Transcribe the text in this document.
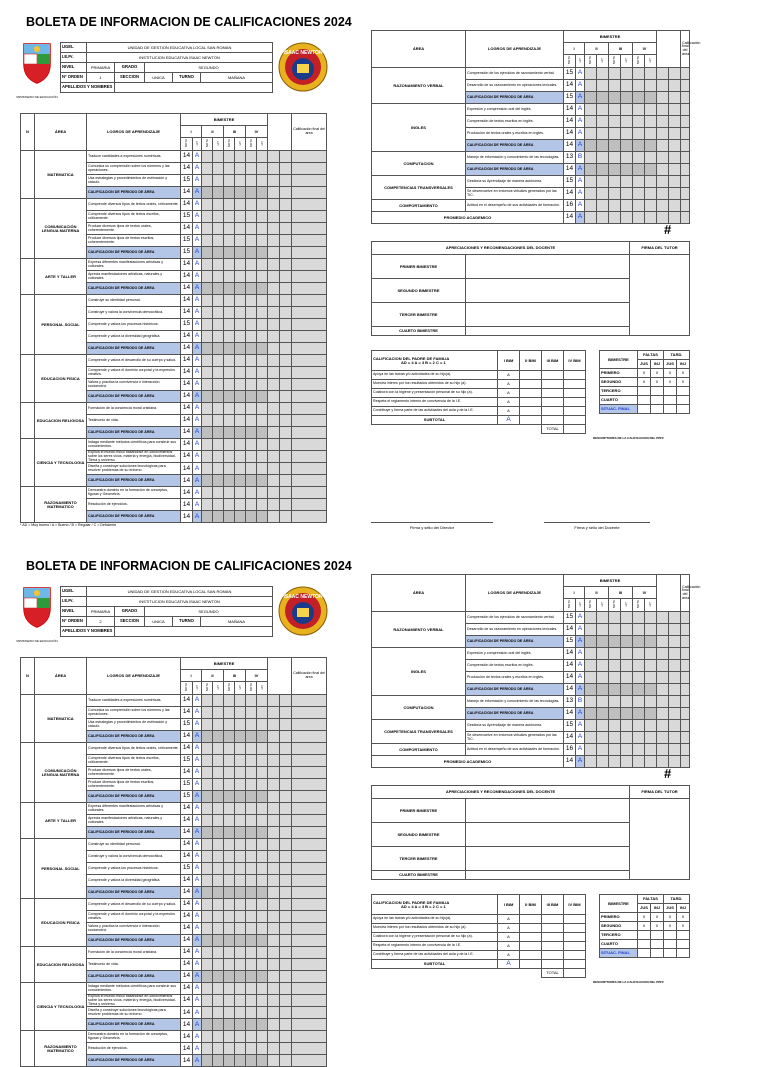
BOLETA DE INFORMACION DE CALIFICACIONES 2024
MINISTERIO DE EDUCACIÓN
ISAAC NEWTON
UGEL	UNIDAD DE GESTION EDUCATIVA LOCAL SAN ROMAN				
I.E.Pr.	INSTITUCION EDUCATIVA ISAAC NEWTON				
NIVEL	PRIMARIA	GRADO	SEGUNDO		
Nº ORDEN	1	SECCION	UNICA	TURNO	MAÑANA
APELLIDOS Y NOMBRES					
N	ÁREA	LOGROS DE APRENDIZAJE	BIMESTRE										Calificación final del área
			I		II		III		IV				
			NOTA	LIT	NOTA	LIT	NOTA	LIT	NOTA	LIT			
	MATEMATICA	Traduce cantidades a expresiones numéricas.	14	A									
		Comunica su comprensión sobre los números y las operaciones.	14	A									
		Usa estrategias y procedimientos de estimación y cálculo.	15	A									
		CALIFICACION DE PERIODO DE ÁREA	14	A									
	COMUNICACIÓN LENGUA MATERNA	Comprende diversos tipos de textos orales, críticamente.	14	A									
		Comprende diversos tipos de textos escritos, críticamente.	15	A									
		Produce diversos tipos de textos orales, coherentemente.	14	A									
		Produce diversos tipos de textos escritos, coherentemente.	15	A									
		CALIFICACION DE PERIODO DE ÁREA	15	A									
	ARTE Y TALLER	Expresa diferentes manifestaciones artísticas y culturales.	14	A									
		Aprecia manifestaciones artísticas, naturales y culturales.	14	A									
		CALIFICACION DE PERIODO DE ÁREA	14	A									
	PERSONAL SOCIAL	Construye su identidad personal.	14	A									
		Construye y valora la convivencia democrática.	14	A									
		Comprende y valora los procesos históricos.	15	A									
		Comprende y valora la diversidad geográfica.	14	A									
		CALIFICACION DE PERIODO DE ÁREA	14	A									
	EDUCACION FISICA	Comprende y valora el desarrollo de su cuerpo y salud.	14	A									
		Comprende y valora el dominio corporal y la expresión creativa.	14	A									
		Valora y practica la convivencia e interacción sociomotriz.	14	A									
		CALIFICACION DE PERIODO DE ÁREA	14	A									
	EDUCACION RELIGIOSA	Formación de la conciencia moral cristiana.	14	A									
		Testimonio de vida.	14	A									
		CALIFICACION DE PERIODO DE ÁREA	14	A									
	CIENCIA Y TECNOLOGIA	Indaga mediante métodos científicos para construir sus conocimientos.	14	A									
		Explica el mundo físico basándose en conocimientos sobre los seres vivos, materia y energía, biodiversidad, Tierra y universo.	14	A									
		Diseña y construye soluciones tecnológicas para resolver problemas de su entorno.	14	A									
		CALIFICACION DE PERIODO DE ÁREA	14	A									
	RAZONAMIENTO MATEMATICO	Demuestra dominio en la formación de conceptos, figuras y Geometría.	14	A									
		Resolución de ejercicios.	14	A									
		CALIFICACION DE PERIODO DE ÁREA	14	A									
* AD = Muy bueno / A = Bueno / B = Regular / C = Deficiente
ÁREA	LOGROS DE APRENDIZAJE	BIMESTRE										Calificación final del área
		I		II		III		IV				
		NOTA	LIT	NOTA	LIT	NOTA	LIT	NOTA	LIT			
RAZONAMIENTO VERBAL	Comprensión de los ejercicios de razonamiento verbal.	15	A									
	Desarrollo de su razonamiento en operaciones lexicales.	14	A									
	CALIFICACION DE PERIODO DE ÁREA	15	A									
INGLES	Expresión y comprensión oral del inglés.	14	A									
	Comprensión de textos escritos en inglés.	14	A									
	Producción de textos orales y escritos en inglés.	14	A									
	CALIFICACION DE PERIODO DE ÁREA	14	A									
COMPUTACION	Manejo de información y conocimiento de las tecnologías.	13	B									
	CALIFICACION DE PERIODO DE ÁREA	14	A									
COMPETENCIAS TRANSVERSALES	Gestiona su Aprendizaje de manera autónoma.	15	A									
	Se desenvuelve en entornos virtuales generados por las TIC.	14	A									
COMPORTAMIENTO	Actitud en el desempeño de sus actividades de formación.	16	A									
PROMEDIO ACADEMICO		14	A									
#
APRECIACIONES Y RECOMENDACIONES DEL DOCENTE		FIRMA DEL TUTOR
PRIMER BIMESTRE		
SEGUNDO BIMESTRE		
TERCER BIMESTRE		
CUARTO BIMESTRE		
CALIFICACION DEL PADRE DE FAMILIA
AD = 4 A = 3 B = 2 C = 1	I BIM	II BIM	III BIM	IV BIM
Apoya en las tareas y/o actividades de su hijo(a).	A			
Muestra interes por los resultados obtenidos de su hijo (a).	A			
Colabora con la higiene y presentación personal de su hijo (a).	A			
Respeta el reglamento interno de convivencia de la I.E.	A			
Contribuye y forma parte de las actividades del aula y de la I.E.	A			
SUBTOTAL	A			
			TOTAL	
BIMESTRE	FALTAS		TARD.	
	JUS	INJ	JUS	INJ
PRIMERO	0	0	0	0
SEGUNDO	0	0	0	0
TERCERO				
CUARTO				
SITUAC. FINAL				
DESCRIPTORES DE LA CALIFICACION DEL PPFF
Firma y sello del Director	Firma y sello del Docente
BOLETA DE INFORMACION DE CALIFICACIONES 2024
MINISTERIO DE EDUCACIÓN
ISAAC NEWTON
UGEL	UNIDAD DE GESTION EDUCATIVA LOCAL SAN ROMAN				
I.E.Pr.	INSTITUCION EDUCATIVA ISAAC NEWTON				
NIVEL	PRIMARIA	GRADO	SEGUNDO		
Nº ORDEN	2	SECCION	UNICA	TURNO	MAÑANA
APELLIDOS Y NOMBRES					
N	ÁREA	LOGROS DE APRENDIZAJE	BIMESTRE										Calificación final del área
			I		II		III		IV				
			NOTA	LIT	NOTA	LIT	NOTA	LIT	NOTA	LIT			
	MATEMATICA	Traduce cantidades a expresiones numéricas.	14	A									
		Comunica su comprensión sobre los números y las operaciones.	14	A									
		Usa estrategias y procedimientos de estimación y cálculo.	15	A									
		CALIFICACION DE PERIODO DE ÁREA	14	A									
	COMUNICACIÓN LENGUA MATERNA	Comprende diversos tipos de textos orales, críticamente.	14	A									
		Comprende diversos tipos de textos escritos, críticamente.	15	A									
		Produce diversos tipos de textos orales, coherentemente.	14	A									
		Produce diversos tipos de textos escritos, coherentemente.	15	A									
		CALIFICACION DE PERIODO DE ÁREA	15	A									
	ARTE Y TALLER	Expresa diferentes manifestaciones artísticas y culturales.	14	A									
		Aprecia manifestaciones artísticas, naturales y culturales.	14	A									
		CALIFICACION DE PERIODO DE ÁREA	14	A									
	PERSONAL SOCIAL	Construye su identidad personal.	14	A									
		Construye y valora la convivencia democrática.	14	A									
		Comprende y valora los procesos históricos.	15	A									
		Comprende y valora la diversidad geográfica.	14	A									
		CALIFICACION DE PERIODO DE ÁREA	14	A									
	EDUCACION FISICA	Comprende y valora el desarrollo de su cuerpo y salud.	14	A									
		Comprende y valora el dominio corporal y la expresión creativa.	14	A									
		Valora y practica la convivencia e interacción sociomotriz.	14	A									
		CALIFICACION DE PERIODO DE ÁREA	14	A									
	EDUCACION RELIGIOSA	Formación de la conciencia moral cristiana.	14	A									
		Testimonio de vida.	14	A									
		CALIFICACION DE PERIODO DE ÁREA	14	A									
	CIENCIA Y TECNOLOGIA	Indaga mediante métodos científicos para construir sus conocimientos.	14	A									
		Explica el mundo físico basándose en conocimientos sobre los seres vivos, materia y energía, biodiversidad, Tierra y universo.	14	A									
		Diseña y construye soluciones tecnológicas para resolver problemas de su entorno.	14	A									
		CALIFICACION DE PERIODO DE ÁREA	14	A									
	RAZONAMIENTO MATEMATICO	Demuestra dominio en la formación de conceptos, figuras y Geometría.	14	A									
		Resolución de ejercicios.	14	A									
		CALIFICACION DE PERIODO DE ÁREA	14	A									
ÁREA	LOGROS DE APRENDIZAJE	BIMESTRE										Calificación final del área
		I		II		III		IV				
		NOTA	LIT	NOTA	LIT	NOTA	LIT	NOTA	LIT			
RAZONAMIENTO VERBAL	Comprensión de los ejercicios de razonamiento verbal.	15	A									
	Desarrollo de su razonamiento en operaciones lexicales.	14	A									
	CALIFICACION DE PERIODO DE ÁREA	15	A									
INGLES	Expresión y comprensión oral del inglés.	14	A									
	Comprensión de textos escritos en inglés.	14	A									
	Producción de textos orales y escritos en inglés.	14	A									
	CALIFICACION DE PERIODO DE ÁREA	14	A									
COMPUTACION	Manejo de información y conocimiento de las tecnologías.	13	B									
	CALIFICACION DE PERIODO DE ÁREA	14	A									
COMPETENCIAS TRANSVERSALES	Gestiona su Aprendizaje de manera autónoma.	15	A									
	Se desenvuelve en entornos virtuales generados por las TIC.	14	A									
COMPORTAMIENTO	Actitud en el desempeño de sus actividades de formación.	16	A									
PROMEDIO ACADEMICO		14	A									
#
APRECIACIONES Y RECOMENDACIONES DEL DOCENTE		FIRMA DEL TUTOR
PRIMER BIMESTRE		
SEGUNDO BIMESTRE		
TERCER BIMESTRE		
CUARTO BIMESTRE		
CALIFICACION DEL PADRE DE FAMILIA
AD = 4 A = 3 B = 2 C = 1	I BIM	II BIM	III BIM	IV BIM
Apoya en las tareas y/o actividades de su hijo(a).	A			
Muestra interes por los resultados obtenidos de su hijo (a).	A			
Colabora con la higiene y presentación personal de su hijo (a).	A			
Respeta el reglamento interno de convivencia de la I.E.	A			
Contribuye y forma parte de las actividades del aula y de la I.E.	A			
SUBTOTAL	A			
			TOTAL	
BIMESTRE	FALTAS		TARD.	
	JUS	INJ	JUS	INJ
PRIMERO	0	0	0	0
SEGUNDO	0	0	0	0
TERCERO				
CUARTO				
SITUAC. FINAL				
DESCRIPTORES DE LA CALIFICACION DEL PPFF
